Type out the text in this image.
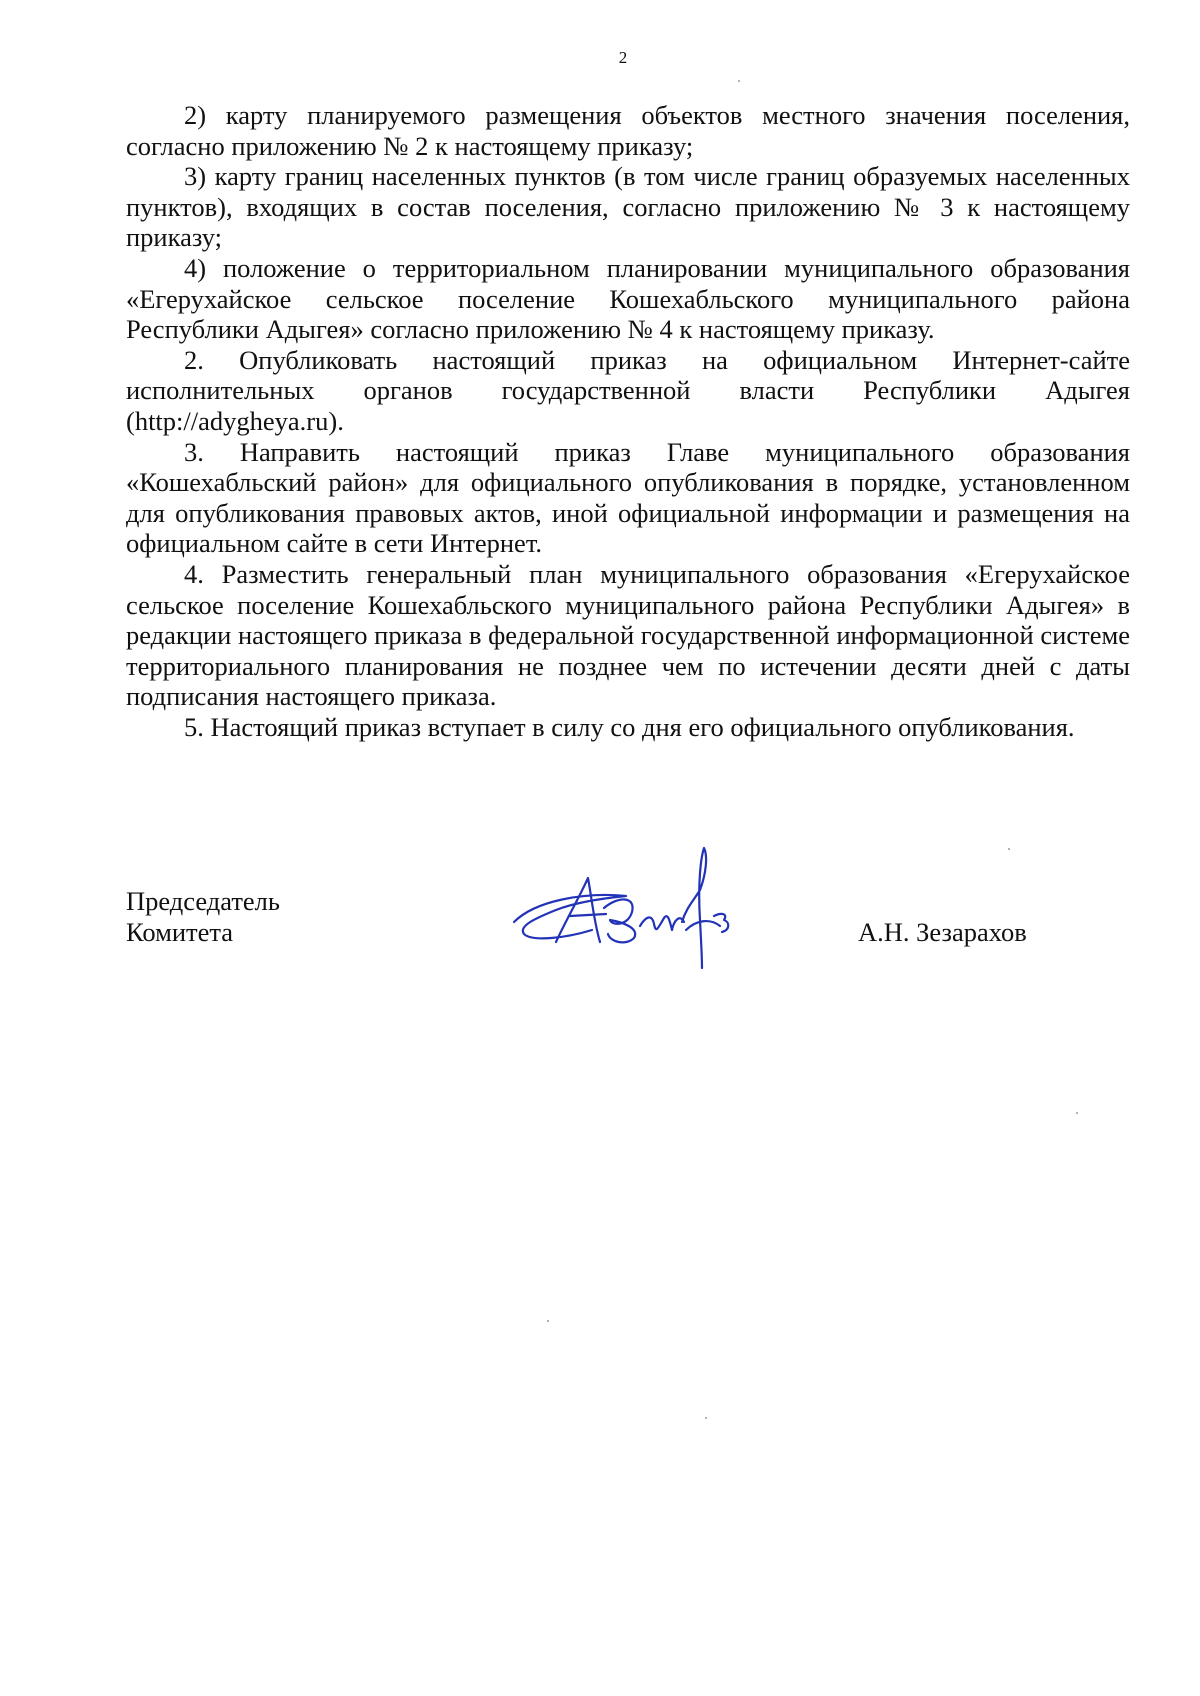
2

2) карту планируемого размещения объектов местного значения поселения, согласно приложению № 2 к настоящему приказу;

3) карту границ населенных пунктов (в том числе границ образуемых населенных пунктов), входящих в состав поселения, согласно приложению № 3 к настоящему приказу;

4) положение о территориальном планировании муниципального образования «Егерухайское сельское поселение Кошехабльского муниципального района Республики Адыгея» согласно приложению № 4 к настоящему приказу.

2. Опубликовать настоящий приказ на официальном Интернет-сайте исполнительных органов государственной власти Республики Адыгея (http://adygheya.ru).

3. Направить настоящий приказ Главе муниципального образования «Кошехабльский район» для официального опубликования в порядке, установленном для опубликования правовых актов, иной официальной информации и размещения на официальном сайте в сети Интернет.

4. Разместить генеральный план муниципального образования «Егерухайское сельское поселение Кошехабльского муниципального района Республики Адыгея» в редакции настоящего приказа в федеральной государственной информационной системе территориального планирования не позднее чем по истечении десяти дней с даты подписания настоящего приказа.

5. Настоящий приказ вступает в силу со дня его официального опубликования.

Председатель
Комитета	А.Н. Зезарахов
